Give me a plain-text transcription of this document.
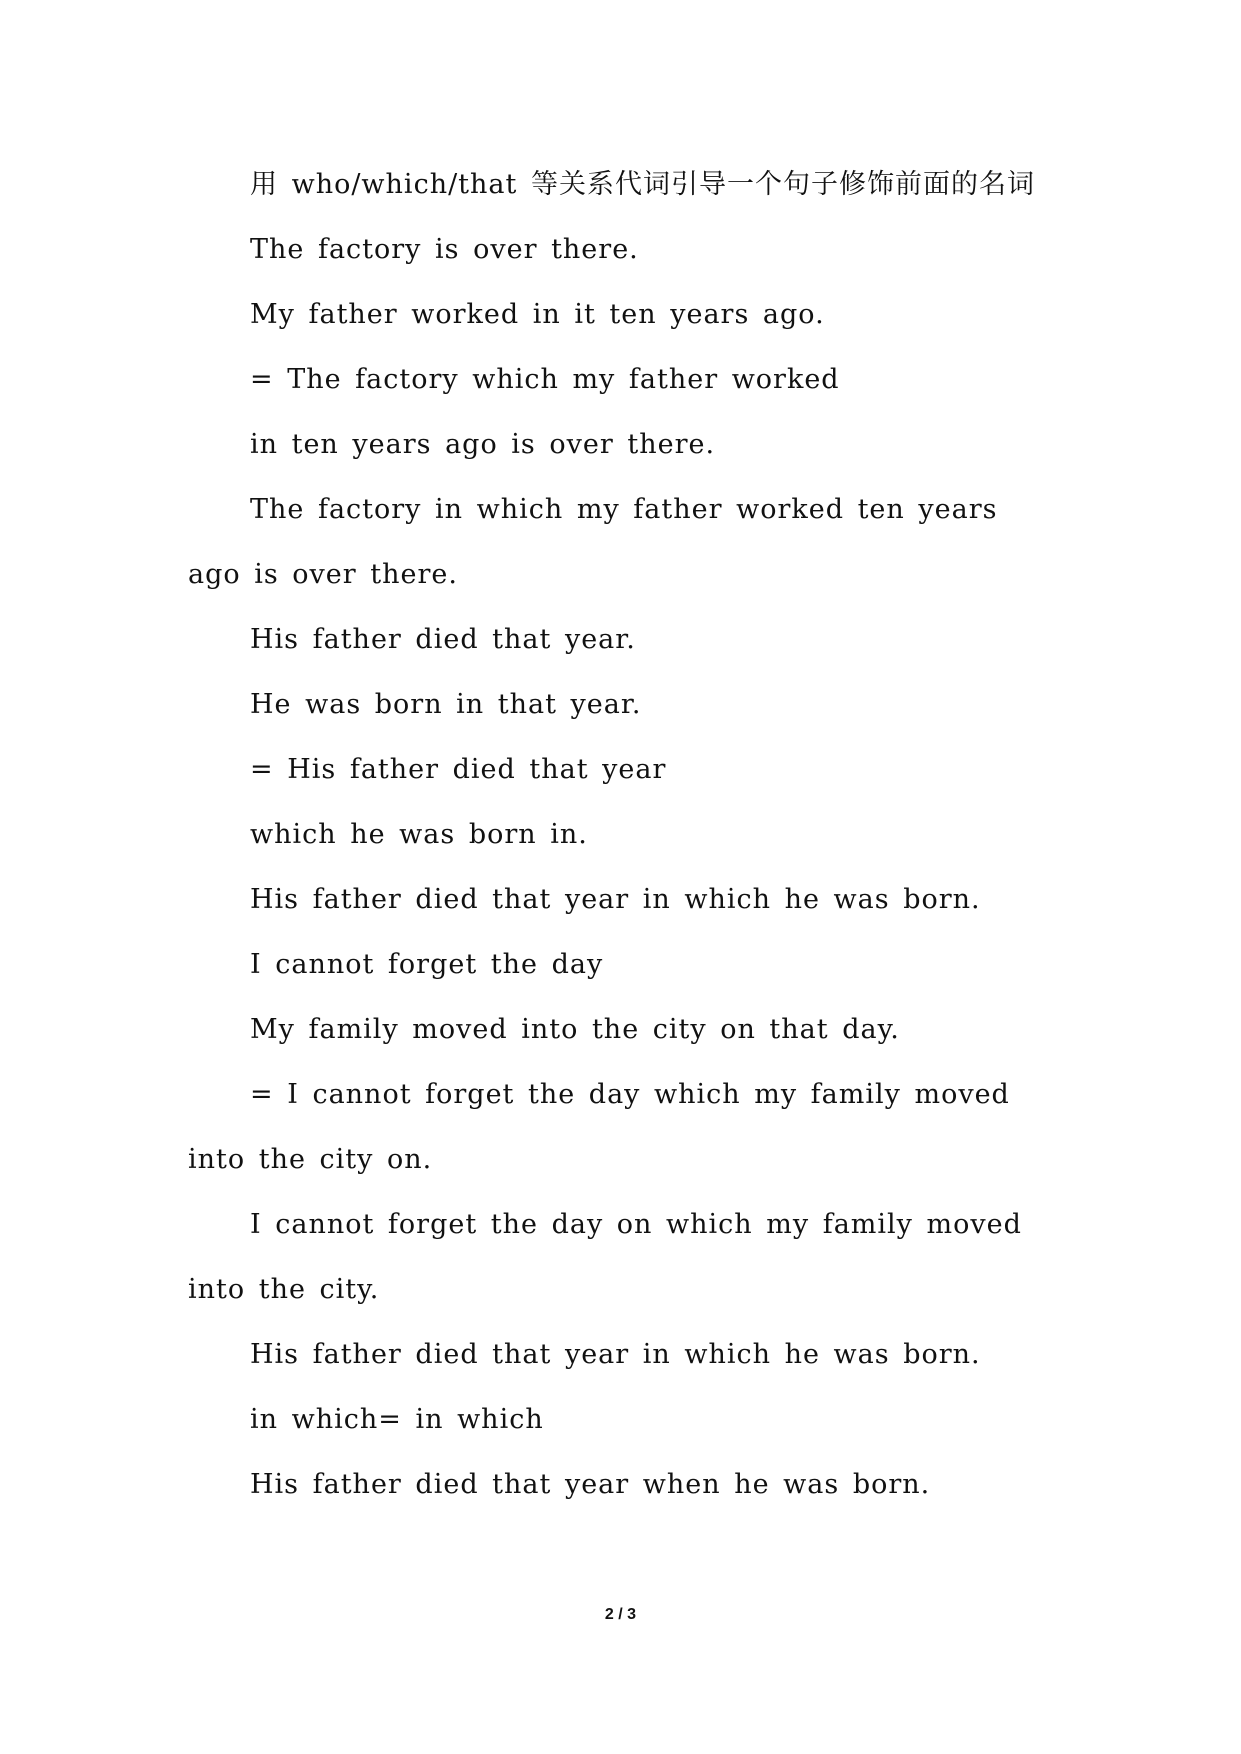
用 who/which/that 等关系代词引导一个句子修饰前面的名词

The factory is over there.

My father worked in it ten years ago.

= The factory which my father worked

in ten years ago is over there.

The factory in which my father worked ten years ago is over there.

His father died that year.

He was born in that year.

= His father died that year

which he was born in.

His father died that year in which he was born.

I cannot forget the day

My family moved into the city on that day.

= I cannot forget the day which my family moved into the city on.

I cannot forget the day on which my family moved into the city.

His father died that year in which he was born.

in which= in which

His father died that year when he was born.

2 / 3
